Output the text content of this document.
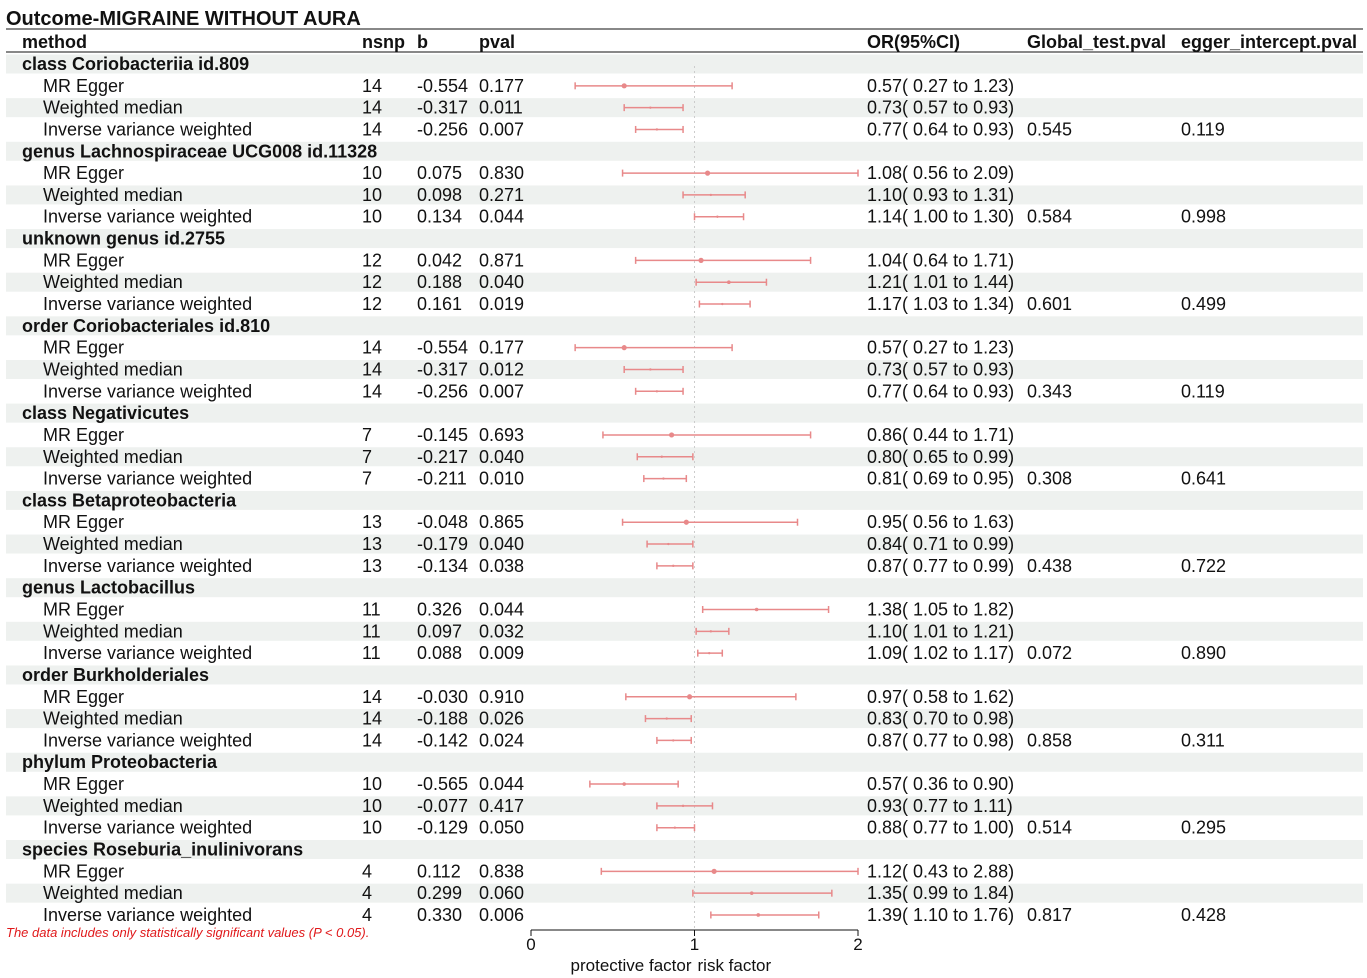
Outcome-MIGRAINE WITHOUT AURA
method	nsnp b	pval	OR(95%CI)	Global_test.pval egger_intercept.pval
class Coriobacteriia id.809
MR Egger	14 -0.554 0.177	0.57( 0.27 to 1.23)
Weighted median	14 -0.317 0.011	0.73( 0.57 to 0.93)
Inverse variance weighted	14 -0.256 0.007	0.77( 0.64 to 0.93) 0.545	0.119
genus Lachnospiraceae UCG008 id.11328
MR Egger	10 0.075 0.830	1.08( 0.56 to 2.09)
Weighted median	10 0.098 0.271	1.10( 0.93 to 1.31)
Inverse variance weighted	10 0.134 0.044	1.14( 1.00 to 1.30) 0.584	0.998
unknown genus id.2755
MR Egger	12 0.042 0.871	1.04( 0.64 to 1.71)
Weighted median	12 0.188 0.040	1.21( 1.01 to 1.44)
Inverse variance weighted	12 0.161 0.019	1.17( 1.03 to 1.34) 0.601	0.499
order Coriobacteriales id.810
MR Egger	14 -0.554 0.177	0.57( 0.27 to 1.23)
Weighted median	14 -0.317 0.012	0.73( 0.57 to 0.93)
Inverse variance weighted	14 -0.256 0.007	0.77( 0.64 to 0.93) 0.343	0.119
class Negativicutes
MR Egger	7 -0.145 0.693	0.86( 0.44 to 1.71)
Weighted median	7 -0.217 0.040	0.80( 0.65 to 0.99)
Inverse variance weighted	7 -0.211 0.010	0.81( 0.69 to 0.95) 0.308	0.641
class Betaproteobacteria
MR Egger	13 -0.048 0.865	0.95( 0.56 to 1.63)
Weighted median	13 -0.179 0.040	0.84( 0.71 to 0.99)
Inverse variance weighted	13 -0.134 0.038	0.87( 0.77 to 0.99) 0.438	0.722
genus Lactobacillus
MR Egger	11 0.326 0.044	1.38( 1.05 to 1.82)
Weighted median	11 0.097 0.032	1.10( 1.01 to 1.21)
Inverse variance weighted	11 0.088 0.009	1.09( 1.02 to 1.17) 0.072	0.890
order Burkholderiales
MR Egger	14 -0.030 0.910	0.97( 0.58 to 1.62)
Weighted median	14 -0.188 0.026	0.83( 0.70 to 0.98)
Inverse variance weighted	14 -0.142 0.024	0.87( 0.77 to 0.98) 0.858	0.311
phylum Proteobacteria
MR Egger	10 -0.565 0.044	0.57( 0.36 to 0.90)
Weighted median	10 -0.077 0.417	0.93( 0.77 to 1.11)
Inverse variance weighted	10 -0.129 0.050	0.88( 0.77 to 1.00) 0.514	0.295
species Roseburia_inulinivorans
MR Egger	4 0.112 0.838	1.12( 0.43 to 2.88)
Weighted median	4 0.299 0.060	1.35( 0.99 to 1.84)
Inverse variance weighted	4 0.330 0.006	1.39( 1.10 to 1.76) 0.817	0.428
protective factor risk factor
0	1	2
The data includes only statistically significant values (P < 0.05).
